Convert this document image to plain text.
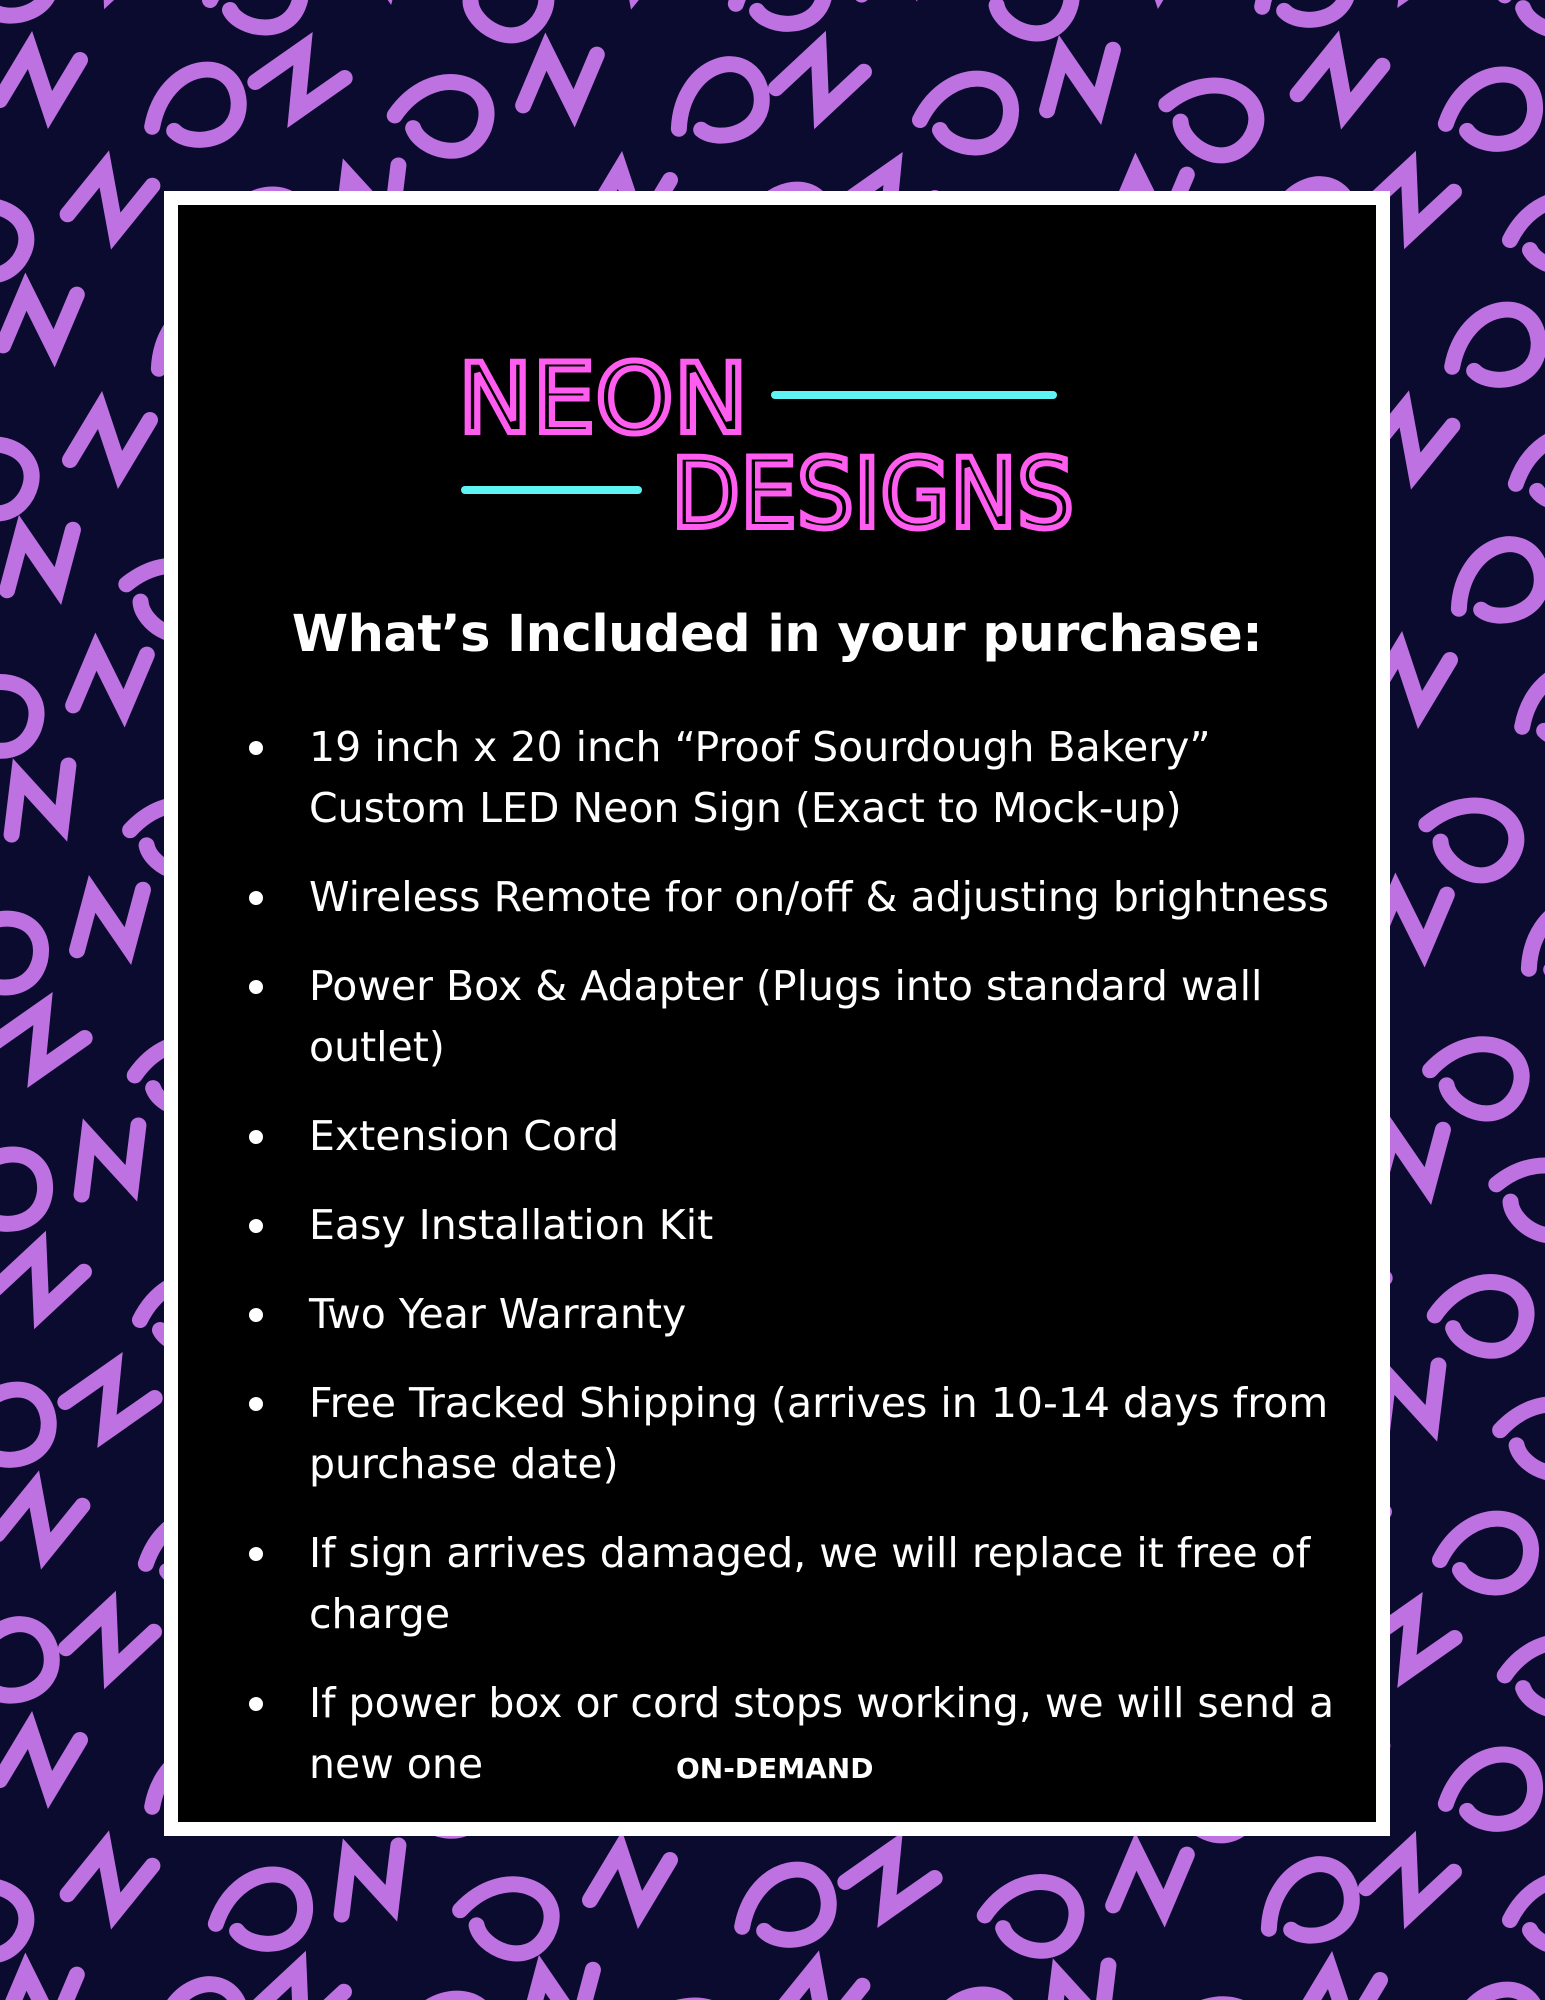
NEON
DESIGNS
What’s Included in your purchase:
19 inch x 20 inch “Proof Sourdough Bakery” Custom LED Neon Sign (Exact to Mock-up)
Wireless Remote for on/off & adjusting brightness
Power Box & Adapter (Plugs into standard wall outlet)
Extension Cord
Easy Installation Kit
Two Year Warranty
Free Tracked Shipping (arrives in 10-14 days from purchase date)
If sign arrives damaged, we will replace it free of charge
If power box or cord stops working, we will send a new one	ON-DEMAND
